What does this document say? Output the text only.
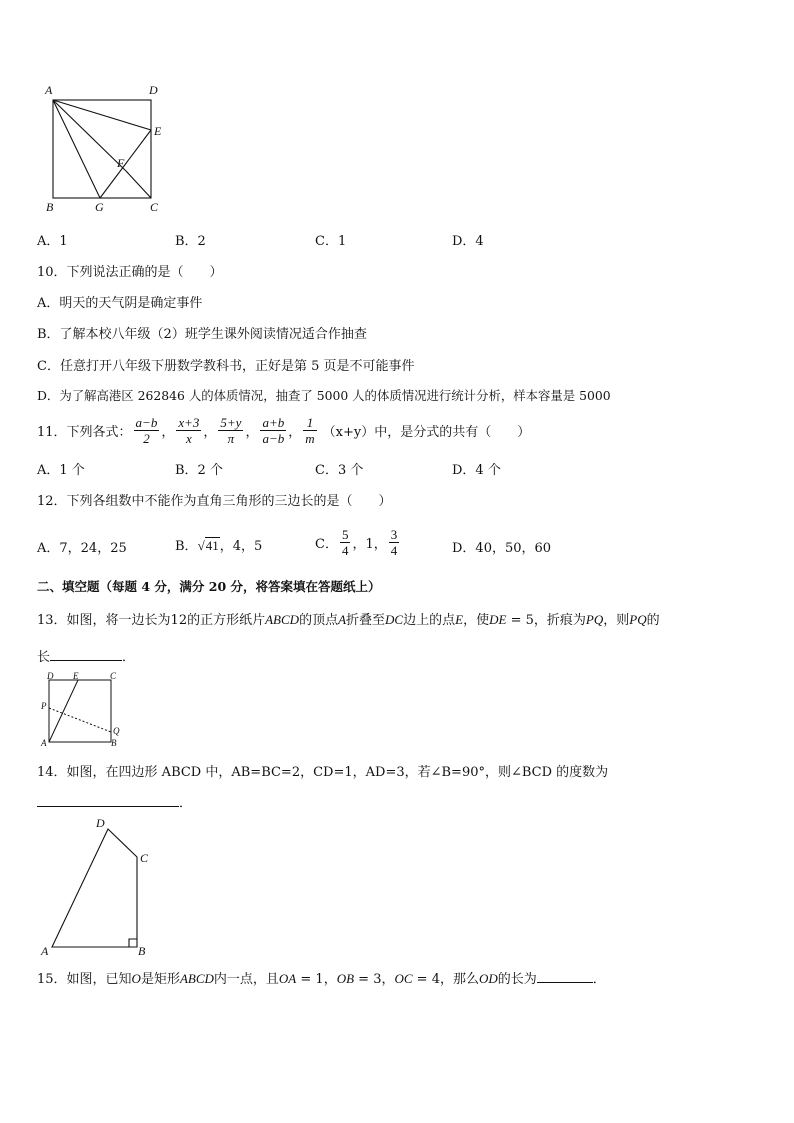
A	D
E
F
B	G	C
A．1	B．2	C．1	D．4
10．下列说法正确的是（　　）
A．明天的天气阴是确定事件
B．了解本校八年级（2）班学生课外阅读情况适合作抽查
C．任意打开八年级下册数学教科书，正好是第 5 页是不可能事件
D．为了解高港区 262846 人的体质情况，抽查了 5000 人的体质情况进行统计分析，样本容量是 5000
11．下列各式： $\frac{a-b}{2}$ ， $\frac{x+3}{x}$ ， $\frac{5+y}{\pi}$ ， $\frac{a+b}{a-b}$ ， $\frac{1}{m} (x+y)$中，是分式的共有（　　）
A．1 个	B．2 个	C．3 个	D．4 个
12．下列各组数中不能作为直角三角形的三边长的是（　　）
A．7，24，25	B．√41，4，5	C． $\frac{5}{4}$ ，1， $\frac{3}{4}$	D．40，50，60
二、填空题（每题 4 分，满分 20 分，将答案填在答题纸上）
13．如图，将一边长为12的正方形纸片ABCD的顶点A折叠至DC边上的点E，使DE = 5，折痕为PQ，则PQ的
长	．
D E	C
P
Q
A	B
14．如图，在四边形 ABCD 中，AB=BC=2，CD=1，AD=3，若∠B=90°，则∠BCD 的度数为
．
D
C
A	B
15．如图，已知O是矩形ABCD内一点，且OA = 1，OB = 3，OC = 4，那么OD的长为	．
